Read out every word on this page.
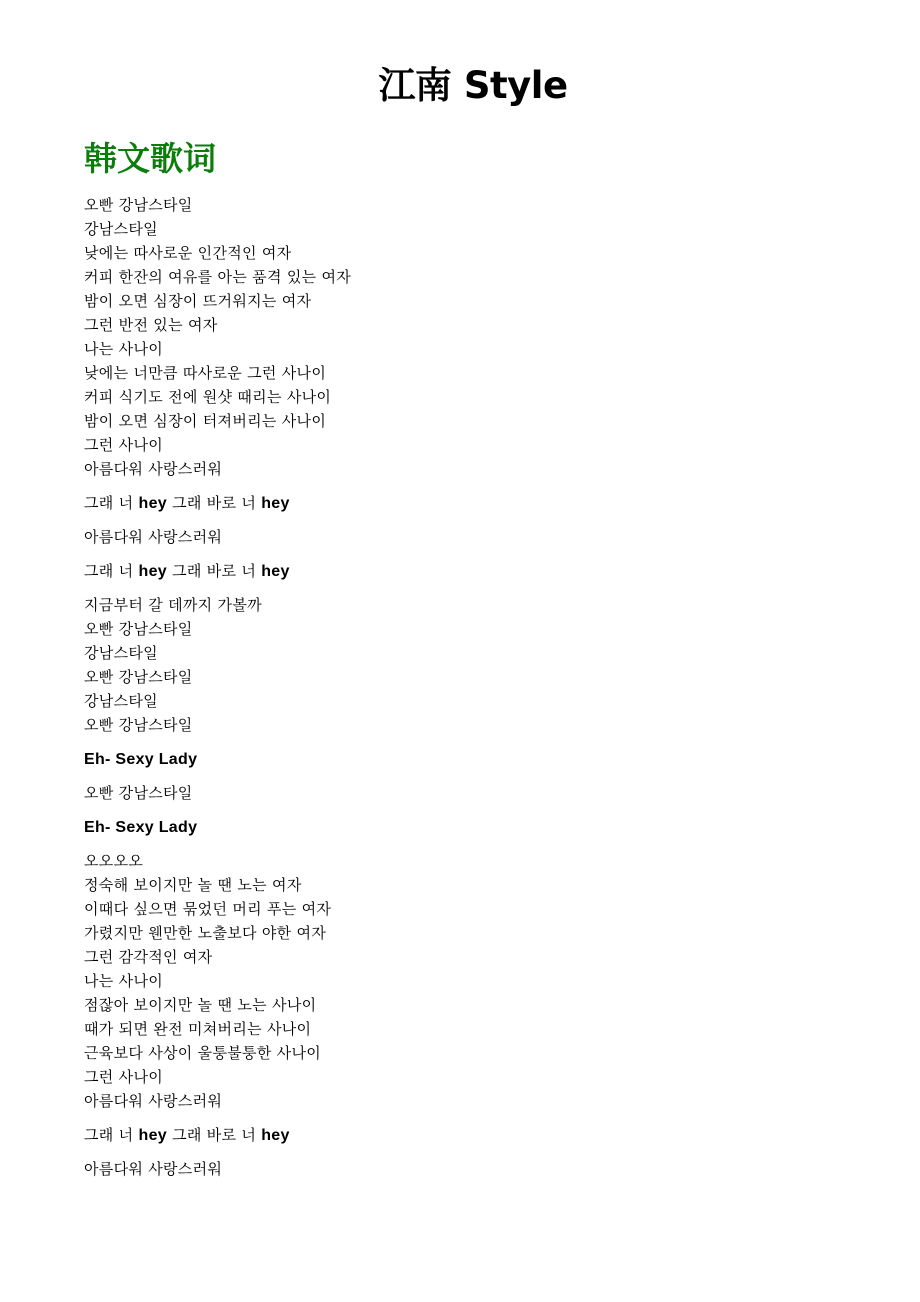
江南 Style
韩文歌词

오빤 강남스타일
강남스타일
낮에는 따사로운 인간적인 여자
커피 한잔의 여유를 아는 품격 있는 여자
밤이 오면 심장이 뜨거워지는 여자
그런 반전 있는 여자
나는 사나이
낮에는 너만큼 따사로운 그런 사나이
커피 식기도 전에 원샷 때리는 사나이
밤이 오면 심장이 터져버리는 사나이
그런 사나이
아름다워 사랑스러워

그래 너 hey 그래 바로 너 hey

아름다워 사랑스러워

그래 너 hey 그래 바로 너 hey

지금부터 갈 데까지 가볼까
오빤 강남스타일
강남스타일
오빤 강남스타일
강남스타일
오빤 강남스타일

Eh- Sexy Lady

오빤 강남스타일

Eh- Sexy Lady

오오오오
정숙해 보이지만 놀 땐 노는 여자
이때다 싶으면 묶었던 머리 푸는 여자
가렸지만 웬만한 노출보다 야한 여자
그런 감각적인 여자
나는 사나이
점잖아 보이지만 놀 땐 노는 사나이
때가 되면 완전 미쳐버리는 사나이
근육보다 사상이 울퉁불퉁한 사나이
그런 사나이
아름다워 사랑스러워

그래 너 hey 그래 바로 너 hey

아름다워 사랑스러워
